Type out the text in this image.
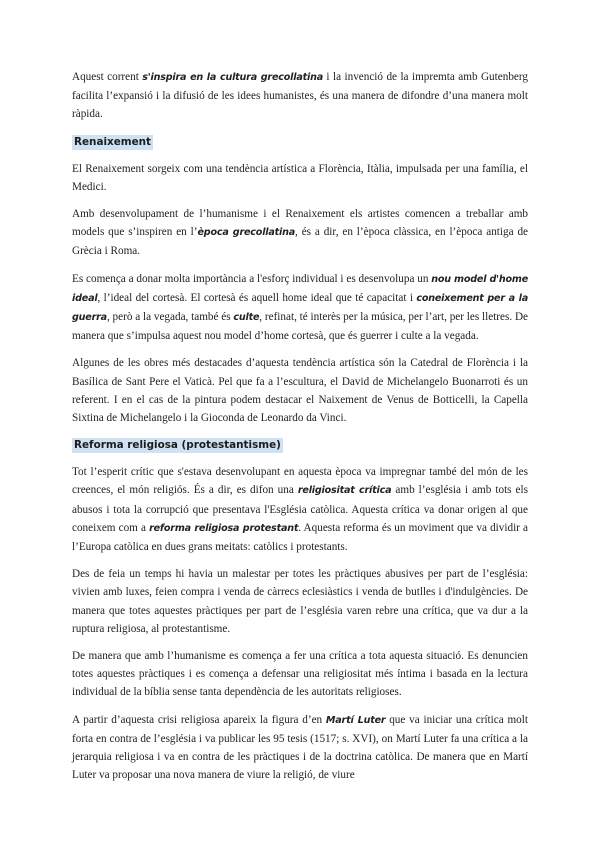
Aquest corrent s'inspira en la cultura grecollatina i la invenció de la impremta amb Gutenberg facilita l’expansió i la difusió de les idees humanistes, és una manera de difondre d’una manera molt ràpida.

Renaixement

El Renaixement sorgeix com una tendència artística a Florència, Itàlia, impulsada per una família, el Medici.

Amb desenvolupament de l’humanisme i el Renaixement els artistes comencen a treballar amb models que s’inspiren en l’època grecollatina, és a dir, en l’època clàssica, en l’època antiga de Grècia i Roma.

Es comença a donar molta importància a l'esforç individual i es desenvolupa un nou model d'home ideal, l’ideal del cortesà. El cortesà és aquell home ideal que té capacitat i coneixement per a la guerra, però a la vegada, també és culte, refinat, té interès per la música, per l’art, per les lletres. De manera que s’impulsa aquest nou model d’home cortesà, que és guerrer i culte a la vegada.

Algunes de les obres més destacades d’aquesta tendència artística són la Catedral de Florència i la Basílica de Sant Pere el Vaticà. Pel que fa a l’escultura, el David de Michelangelo Buonarroti és un referent. I en el cas de la pintura podem destacar el Naixement de Venus de Botticelli, la Capella Sixtina de Michelangelo i la Gioconda de Leonardo da Vinci.

Reforma religiosa (protestantisme)

Tot l’esperit crític que s'estava desenvolupant en aquesta època va impregnar també del món de les creences, el món religiós. És a dir, es difon una religiositat crítica amb l’església i amb tots els abusos i tota la corrupció que presentava l'Església catòlica. Aquesta crítica va donar origen al que coneixem com a reforma religiosa protestant. Aquesta reforma és un moviment que va dividir a l’Europa catòlica en dues grans meitats: catòlics i protestants.

Des de feia un temps hi havia un malestar per totes les pràctiques abusives per part de l’església: vivien amb luxes, feien compra i venda de càrrecs eclesiàstics i venda de butlles i d'indulgències. De manera que totes aquestes pràctiques per part de l’església varen rebre una crítica, que va dur a la ruptura religiosa, al protestantisme.

De manera que amb l’humanisme es comença a fer una crítica a tota aquesta situació. Es denuncien totes aquestes pràctiques i es comença a defensar una religiositat més íntima i basada en la lectura individual de la bíblia sense tanta dependència de les autoritats religioses.

A partir d’aquesta crisi religiosa apareix la figura d’en Martí Luter que va iniciar una crítica molt forta en contra de l’església i va publicar les 95 tesis (1517; s. XVI), on Martí Luter fa una crítica a la jerarquia religiosa i va en contra de les pràctiques i de la doctrina catòlica. De manera que en Martí Luter va proposar una nova manera de viure la religió, de viure
